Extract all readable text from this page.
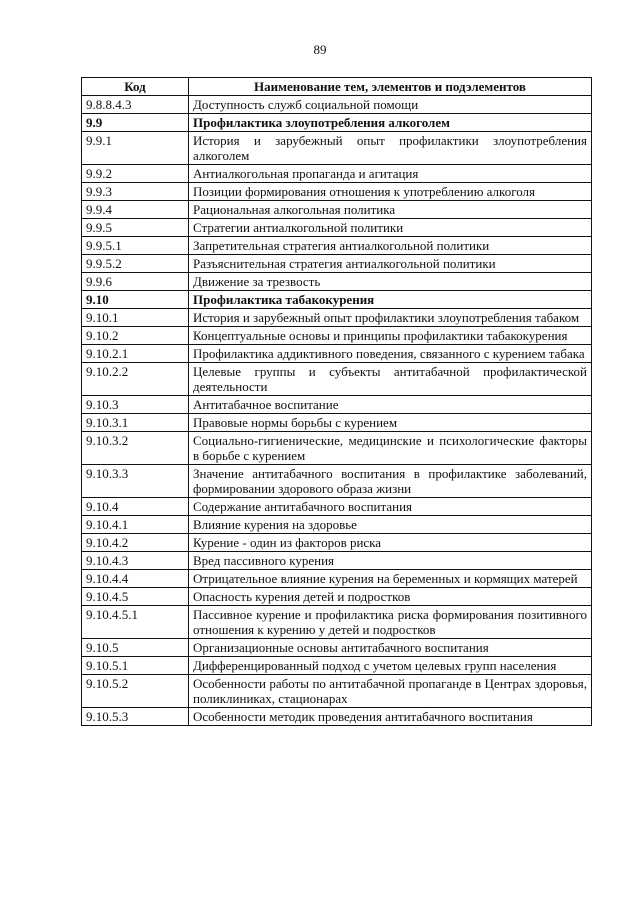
89
Код	Наименование тем, элементов и подэлементов
9.8.8.4.3	Доступность служб социальной помощи
9.9	Профилактика злоупотребления алкоголем
9.9.1	История и зарубежный опыт профилактики злоупотребления алкоголем
9.9.2	Антиалкогольная пропаганда и агитация
9.9.3	Позиции формирования отношения к употреблению алкоголя
9.9.4	Рациональная алкогольная политика
9.9.5	Стратегии антиалкогольной политики
9.9.5.1	Запретительная стратегия антиалкогольной политики
9.9.5.2	Разъяснительная стратегия антиалкогольной политики
9.9.6	Движение за трезвость
9.10	Профилактика табакокурения
9.10.1	История и зарубежный опыт профилактики злоупотребления табаком
9.10.2	Концептуальные основы и принципы профилактики табакокурения
9.10.2.1	Профилактика аддиктивного поведения, связанного с курением табака
9.10.2.2	Целевые группы и субъекты антитабачной профилактической деятельности
9.10.3	Антитабачное воспитание
9.10.3.1	Правовые нормы борьбы с курением
9.10.3.2	Социально-гигиенические, медицинские и психологические факторы в борьбе с курением
9.10.3.3	Значение антитабачного воспитания в профилактике заболеваний, формировании здорового образа жизни
9.10.4	Содержание антитабачного воспитания
9.10.4.1	Влияние курения на здоровье
9.10.4.2	Курение - один из факторов риска
9.10.4.3	Вред пассивного курения
9.10.4.4	Отрицательное влияние курения на беременных и кормящих матерей
9.10.4.5	Опасность курения детей и подростков
9.10.4.5.1	Пассивное курение и профилактика риска формирования позитивного отношения к курению у детей и подростков
9.10.5	Организационные основы антитабачного воспитания
9.10.5.1	Дифференцированный подход с учетом целевых групп населения
9.10.5.2	Особенности работы по антитабачной пропаганде в Центрах здоровья, поликлиниках, стационарах
9.10.5.3	Особенности методик проведения антитабачного воспитания
